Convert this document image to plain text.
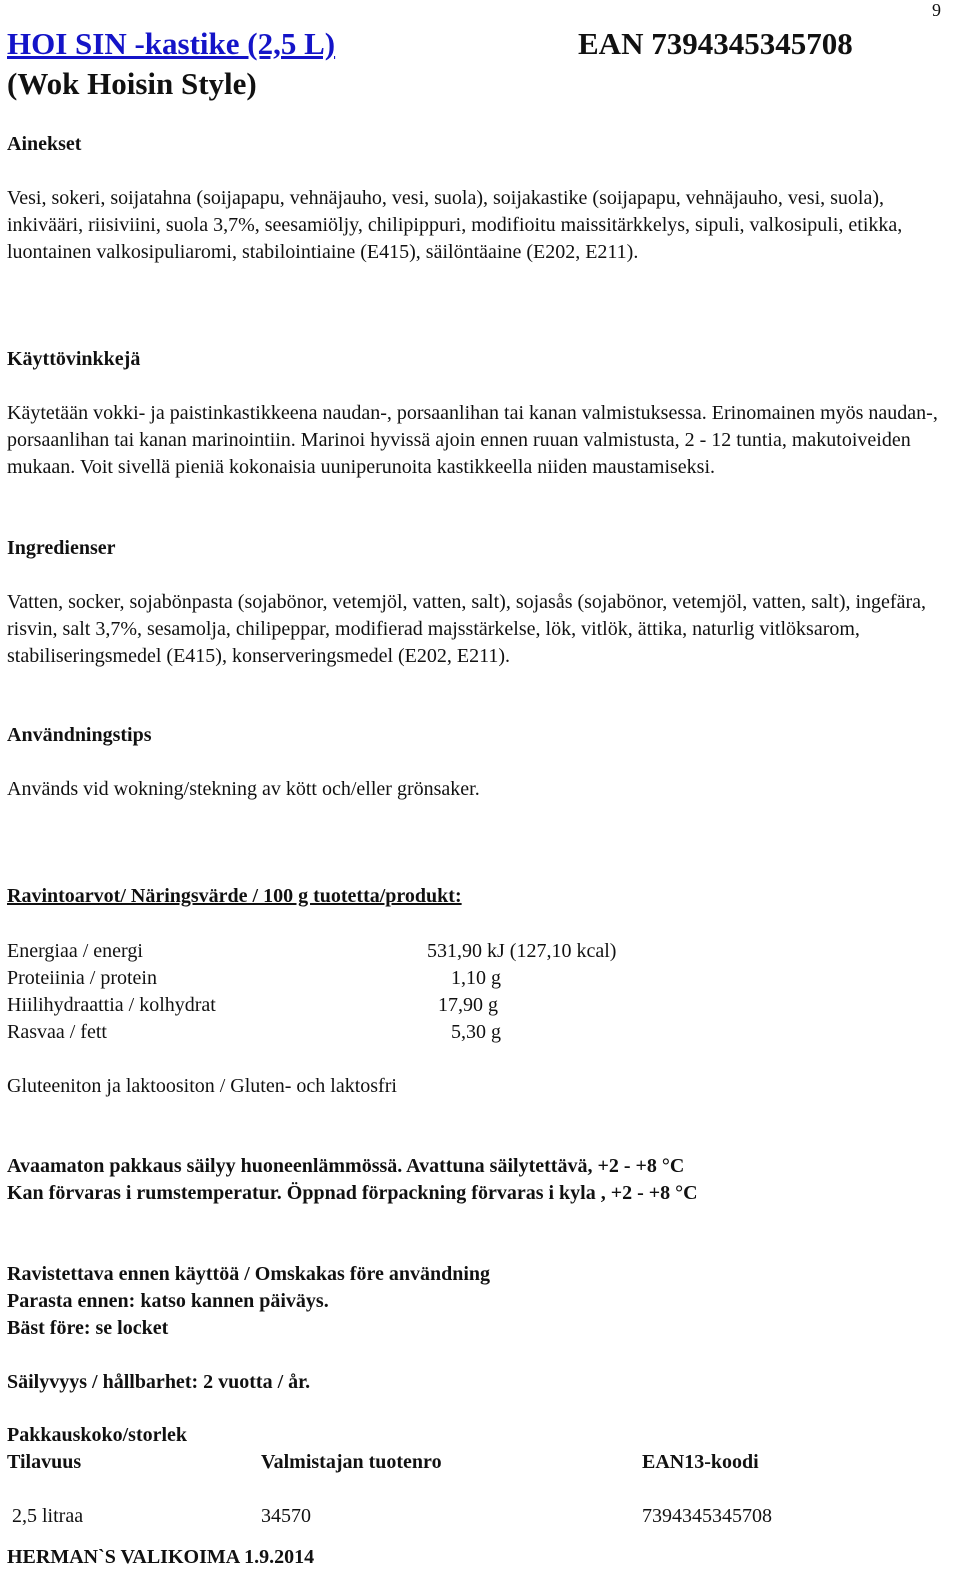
9
HOI SIN -kastike (2,5 L)	EAN 7394345345708
(Wok Hoisin Style)
Ainekset
Vesi, sokeri, soijatahna (soijapapu, vehnäjauho, vesi, suola), soijakastike (soijapapu, vehnäjauho, vesi, suola), inkivääri, riisiviini, suola 3,7%, seesamiöljy, chilipippuri, modifioitu maissitärkkelys, sipuli, valkosipuli, etikka, luontainen valkosipuliaromi, stabilointiaine (E415), säilöntäaine (E202, E211).
Käyttövinkkejä
Käytetään vokki- ja paistinkastikkeena naudan-, porsaanlihan tai kanan valmistuksessa. Erinomainen myös naudan-, porsaanlihan tai kanan marinointiin. Marinoi hyvissä ajoin ennen ruuan valmistusta, 2 - 12 tuntia, makutoiveiden mukaan. Voit sivellä pieniä kokonaisia uuniperunoita kastikkeella niiden maustamiseksi.
Ingredienser
Vatten, socker, sojabönpasta (sojabönor, vetemjöl, vatten, salt), sojasås (sojabönor, vetemjöl, vatten, salt), ingefära, risvin, salt 3,7%, sesamolja, chilipeppar, modifierad majsstärkelse, lök, vitlök, ättika, naturlig vitlöksarom, stabiliseringsmedel (E415), konserveringsmedel (E202, E211).
Användningstips
Används vid wokning/stekning av kött och/eller grönsaker.
Ravintoarvot/ Näringsvärde / 100 g tuotetta/produkt:
Energiaa / energi	531,90 kJ (127,10 kcal)
Proteiinia / protein	1,10 g
Hiilihydraattia / kolhydrat	17,90 g
Rasvaa / fett	5,30 g
Gluteeniton ja laktoositon / Gluten- och laktosfri
Avaamaton pakkaus säilyy huoneenlämmössä. Avattuna säilytettävä, +2 - +8 °C
Kan förvaras i rumstemperatur. Öppnad förpackning förvaras i kyla , +2 - +8 °C
Ravistettava ennen käyttöä / Omskakas före användning
Parasta ennen: katso kannen päiväys.
Bäst före: se locket
Säilyvyys / hållbarhet: 2 vuotta / år.
Pakkauskoko/storlek
Tilavuus	Valmistajan tuotenro	EAN13-koodi
2,5 litraa	34570	7394345345708
HERMAN`S VALIKOIMA 1.9.2014
